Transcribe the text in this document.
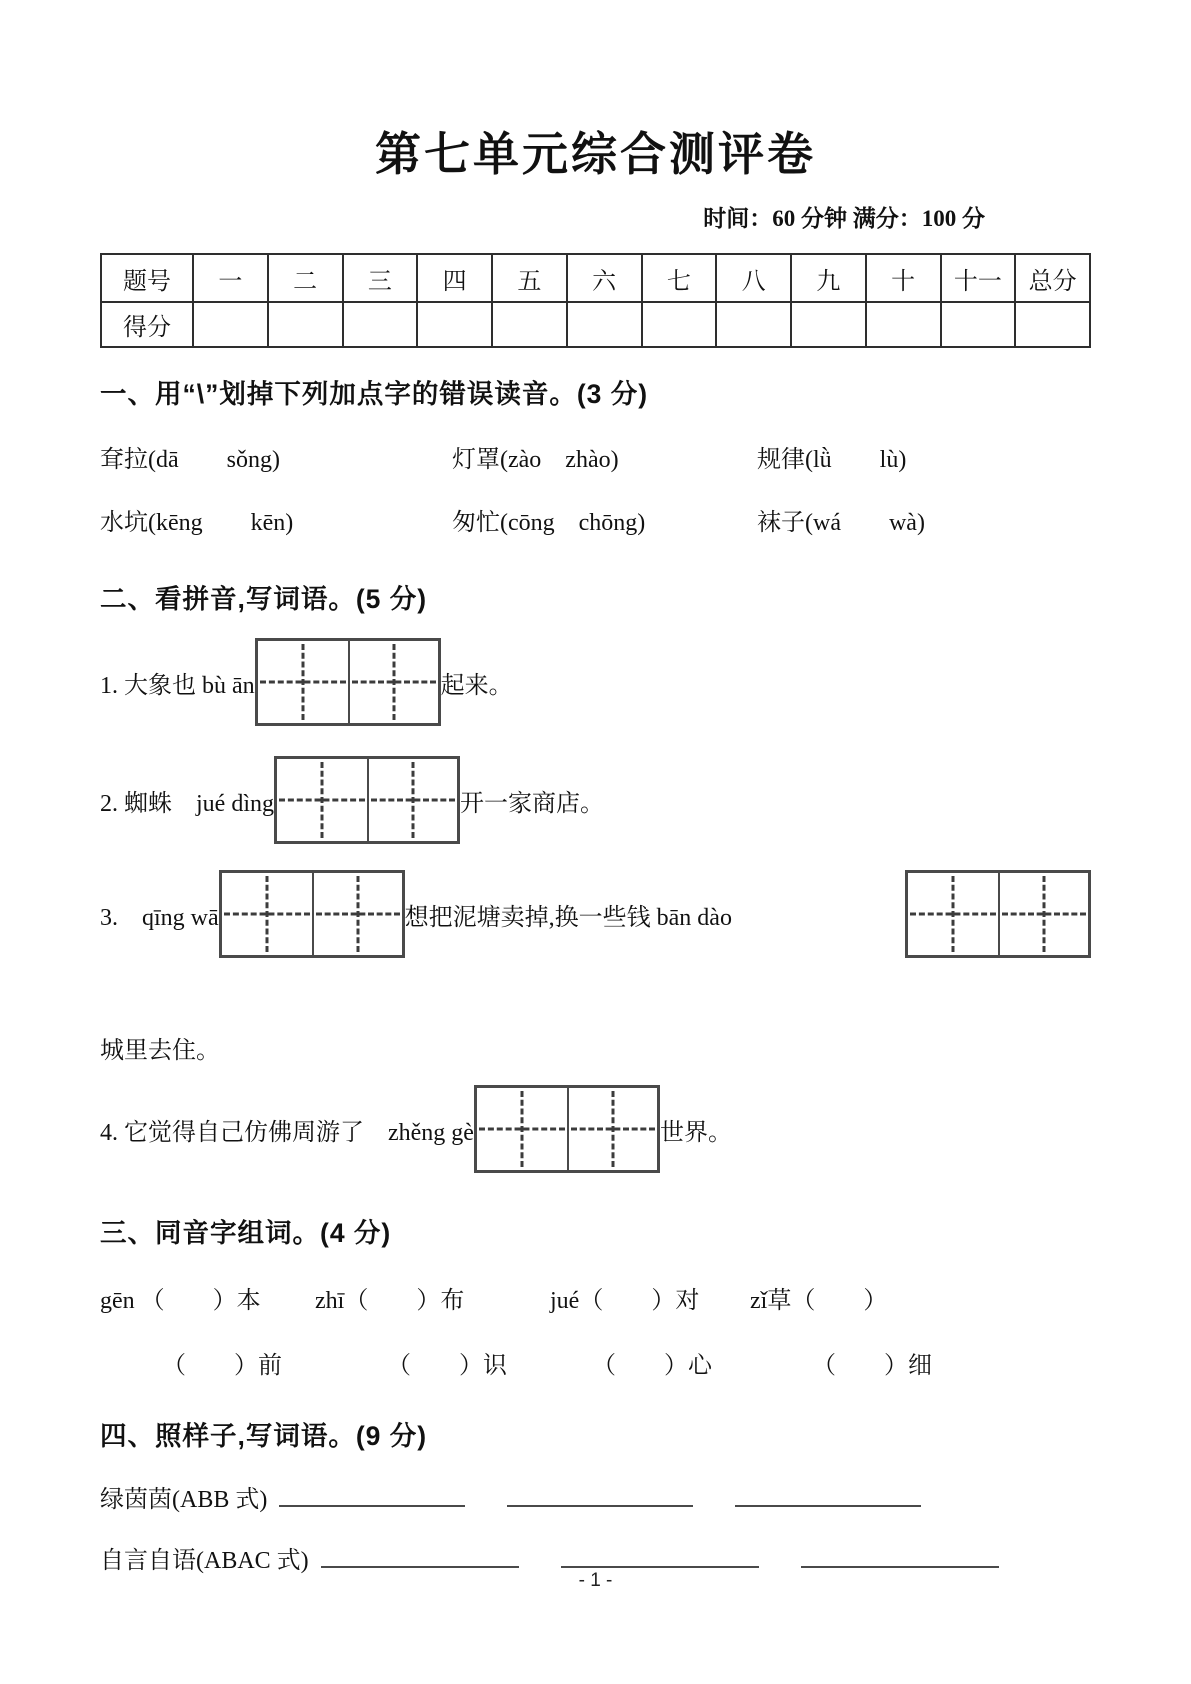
第七单元综合测评卷
时间：60 分钟 满分：100 分
题号	一	二	三	四	五	六	七	八	九	十	十一	总分
得分												
一、用“\”划掉下列加点字的错误读音。(3 分)
耷拉(dā　　sǒng)	灯罩(zào　zhào)	规律(lǜ　　lù)
水坑(kēng　　kēn)	匆忙(cōng　chōng)	袜子(wá　　wà)
二、看拼音,写词语。(5 分)
1. 大象也 bù ān	起来。
2. 蜘蛛　jué dìng	开一家商店。
3.　qīng wā	想把泥塘卖掉,换一些钱 bān dào
城里去住。
4. 它觉得自己仿佛周游了　zhěng gè	世界。
三、同音字组词。(4 分)
gēn （　　）本	zhī（　　）布	jué（　　）对	zǐ草（　　）
（　　）前	（　　）识	（　　）心	（　　）细
四、照样子,写词语。(9 分)
绿茵茵(ABB 式)
自言自语(ABAC 式)
- 1 -
